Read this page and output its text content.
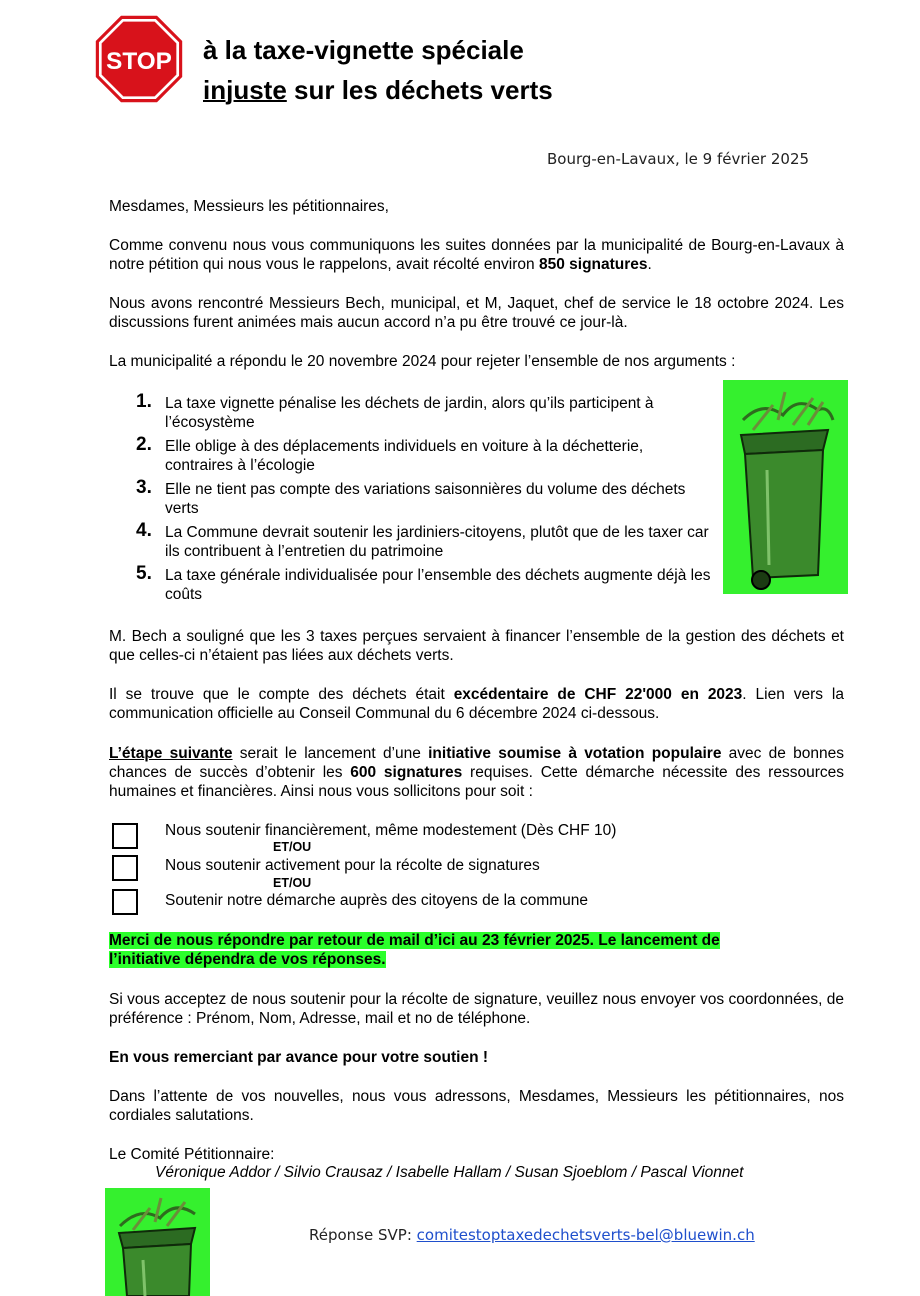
STOP à la taxe-vignette spéciale
injuste sur les déchets verts
Bourg-en-Lavaux, le 9 février 2025
Mesdames, Messieurs les pétitionnaires,
Comme convenu nous vous communiquons les suites données par la municipalité de Bourg-en-Lavaux à notre pétition qui nous vous le rappelons, avait récolté environ 850 signatures.
Nous avons rencontré Messieurs Bech, municipal, et M, Jaquet, chef de service le 18 octobre 2024. Les discussions furent animées mais aucun accord n’a pu être trouvé ce jour-là.
La municipalité a répondu le 20 novembre 2024 pour rejeter l’ensemble de nos arguments :
1. La taxe vignette pénalise les déchets de jardin, alors qu’ils participent à l’écosystème
2. Elle oblige à des déplacements individuels en voiture à la déchetterie, contraires à l’écologie
3. Elle ne tient pas compte des variations saisonnières du volume des déchets verts
4. La Commune devrait soutenir les jardiniers-citoyens, plutôt que de les taxer car ils contribuent à l’entretien du patrimoine
5. La taxe générale individualisée pour l’ensemble des déchets augmente déjà les coûts
M. Bech a souligné que les 3 taxes perçues servaient à financer l’ensemble de la gestion des déchets et que celles-ci n’étaient pas liées aux déchets verts.
Il se trouve que le compte des déchets était excédentaire de CHF 22'000 en 2023. Lien vers la communication officielle au Conseil Communal du 6 décembre 2024 ci-dessous.
L’étape suivante serait le lancement d’une initiative soumise à votation populaire avec de bonnes chances de succès d’obtenir les 600 signatures requises. Cette démarche nécessite des ressources humaines et financières. Ainsi nous vous sollicitons pour soit :
Nous soutenir financièrement, même modestement (Dès CHF 10)
ET/OU
Nous soutenir activement pour la récolte de signatures
ET/OU
Soutenir notre démarche auprès des citoyens de la commune
Merci de nous répondre par retour de mail d’ici au 23 février 2025. Le lancement de l’initiative dépendra de vos réponses.
Si vous acceptez de nous soutenir pour la récolte de signature, veuillez nous envoyer vos coordonnées, de préférence : Prénom, Nom, Adresse, mail et no de téléphone.
En vous remerciant par avance pour votre soutien !
Dans l’attente de vos nouvelles, nous vous adressons, Mesdames, Messieurs les pétitionnaires, nos cordiales salutations.
Le Comité Pétitionnaire:
Véronique Addor / Silvio Crausaz / Isabelle Hallam / Susan Sjoeblom / Pascal Vionnet
Réponse SVP: comitestoptaxedechetsverts-bel@bluewin.ch
